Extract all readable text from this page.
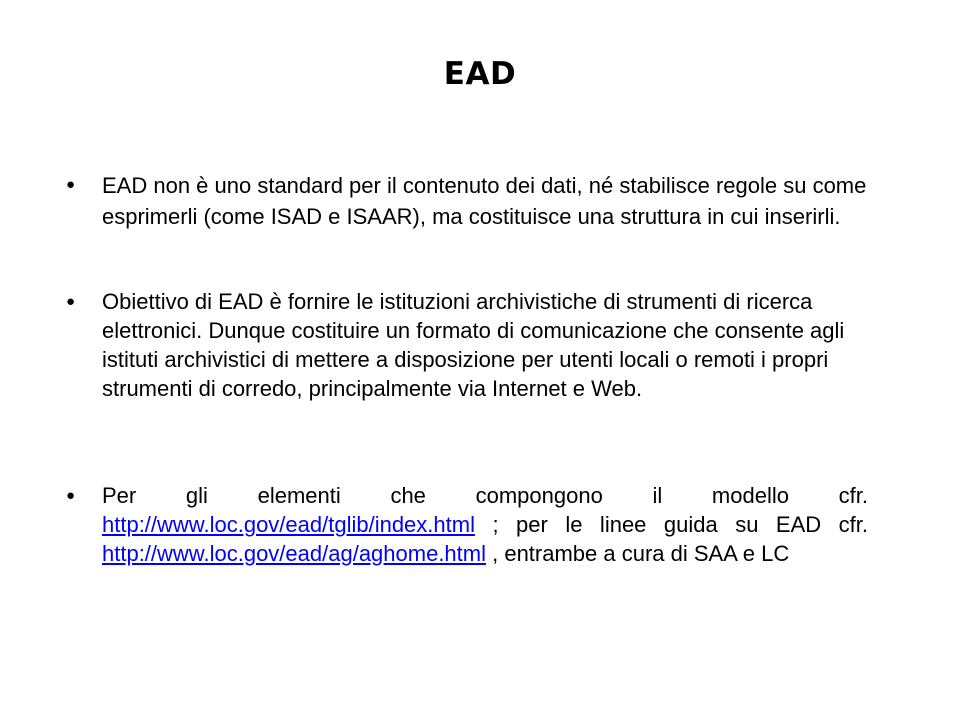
EAD
● EAD non è uno standard per il contenuto dei dati, né stabilisce regole su come esprimerli (come ISAD e ISAAR), ma costituisce una struttura in cui inserirli.
● Obiettivo di EAD è fornire le istituzioni archivistiche di strumenti di ricerca elettronici. Dunque costituire un formato di comunicazione che consente agli istituti archivistici di mettere a disposizione per utenti locali o remoti i propri strumenti di corredo, principalmente via Internet e Web.
● Per gli elementi che compongono il modello cfr. http://www.loc.gov/ead/tglib/index.html ; per le linee guida su EAD cfr. http://www.loc.gov/ead/ag/aghome.html , entrambe a cura di SAA e LC
